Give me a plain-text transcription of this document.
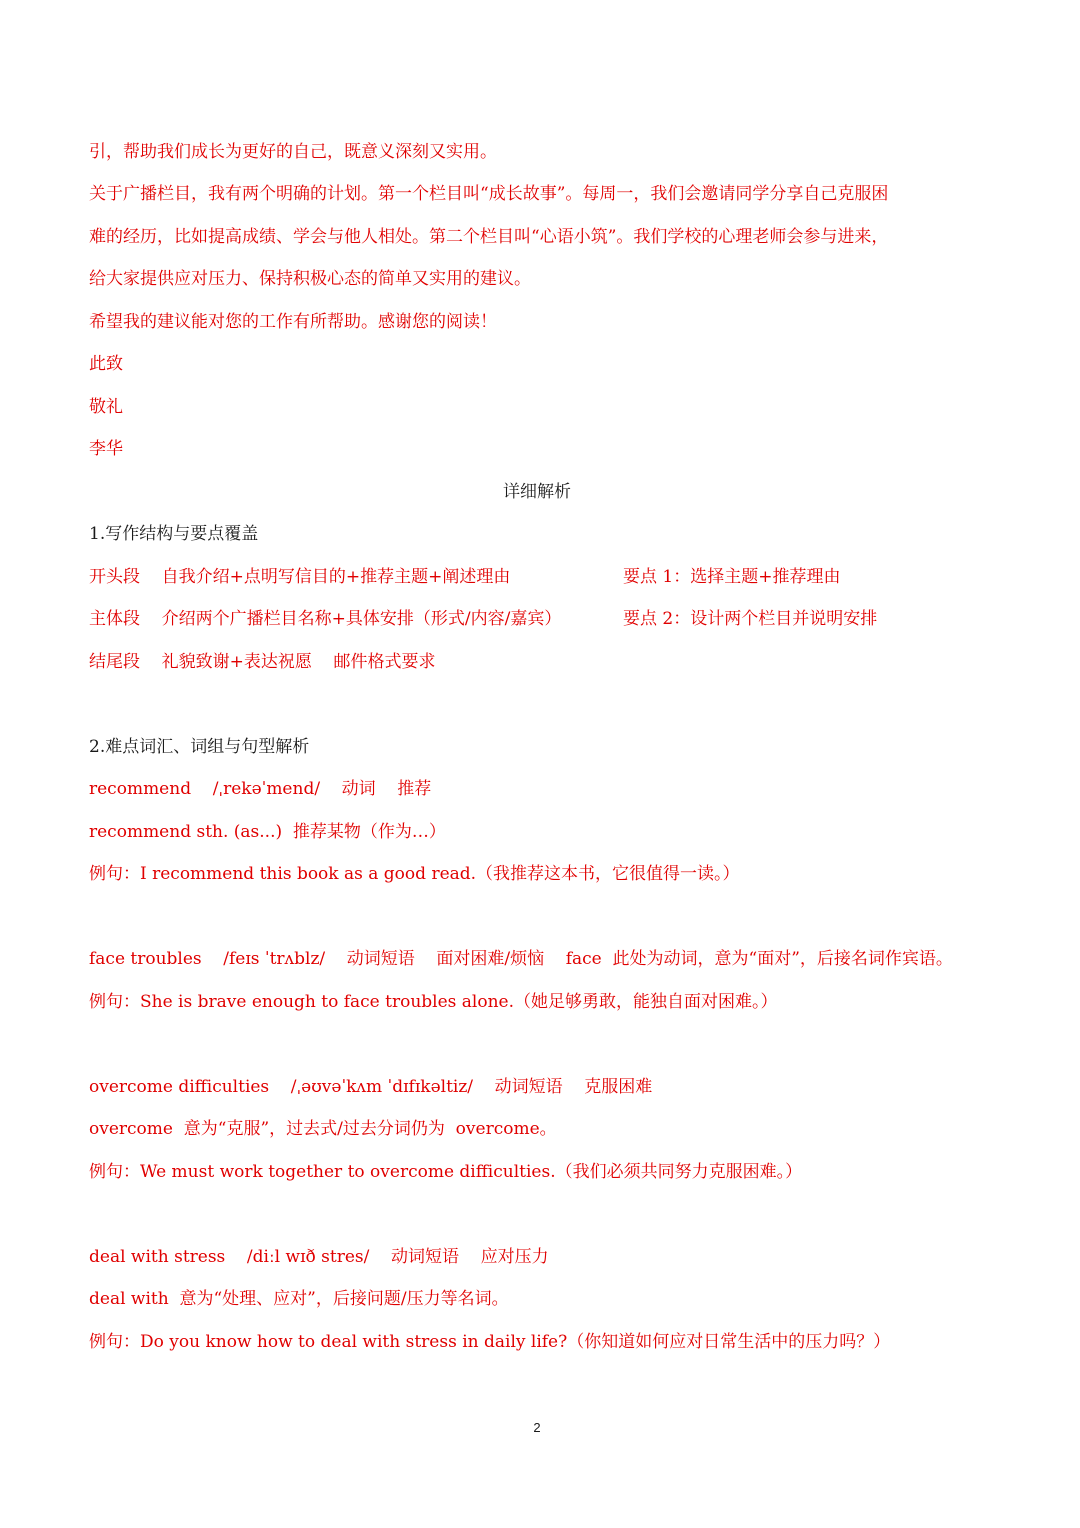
引，帮助我们成长为更好的自己，既意义深刻又实用。
关于广播栏目，我有两个明确的计划。第一个栏目叫“成长故事”。每周一，我们会邀请同学分享自己克服困
难的经历，比如提高成绩、学会与他人相处。第二个栏目叫“心语小筑”。我们学校的心理老师会参与进来，
给大家提供应对压力、保持积极心态的简单又实用的建议。
希望我的建议能对您的工作有所帮助。感谢您的阅读！
此致
敬礼
李华
详细解析
1.写作结构与要点覆盖
开头段    自我介绍+点明写信目的+推荐主题+阐述理由	要点 1：选择主题+推荐理由
主体段    介绍两个广播栏目名称+具体安排（形式/内容/嘉宾）	要点 2：设计两个栏目并说明安排
结尾段    礼貌致谢+表达祝愿    邮件格式要求
2.难点词汇、词组与句型解析
recommend    /ˌrekəˈmend/    动词    推荐
recommend sth. (as...)  推荐某物（作为…）
例句：I recommend this book as a good read.（我推荐这本书，它很值得一读。）
face troubles    /feɪs ˈtrʌblz/    动词短语    面对困难/烦恼    face  此处为动词，意为“面对”，后接名词作宾语。
例句：She is brave enough to face troubles alone.（她足够勇敢，能独自面对困难。）
overcome difficulties    /ˌəʊvəˈkʌm ˈdɪfɪkəltiz/    动词短语    克服困难
overcome  意为“克服”，过去式/过去分词仍为  overcome。
例句：We must work together to overcome difficulties.（我们必须共同努力克服困难。）
deal with stress    /diːl wɪð stres/    动词短语    应对压力
deal with  意为“处理、应对”，后接问题/压力等名词。
例句：Do you know how to deal with stress in daily life?（你知道如何应对日常生活中的压力吗？）
2
